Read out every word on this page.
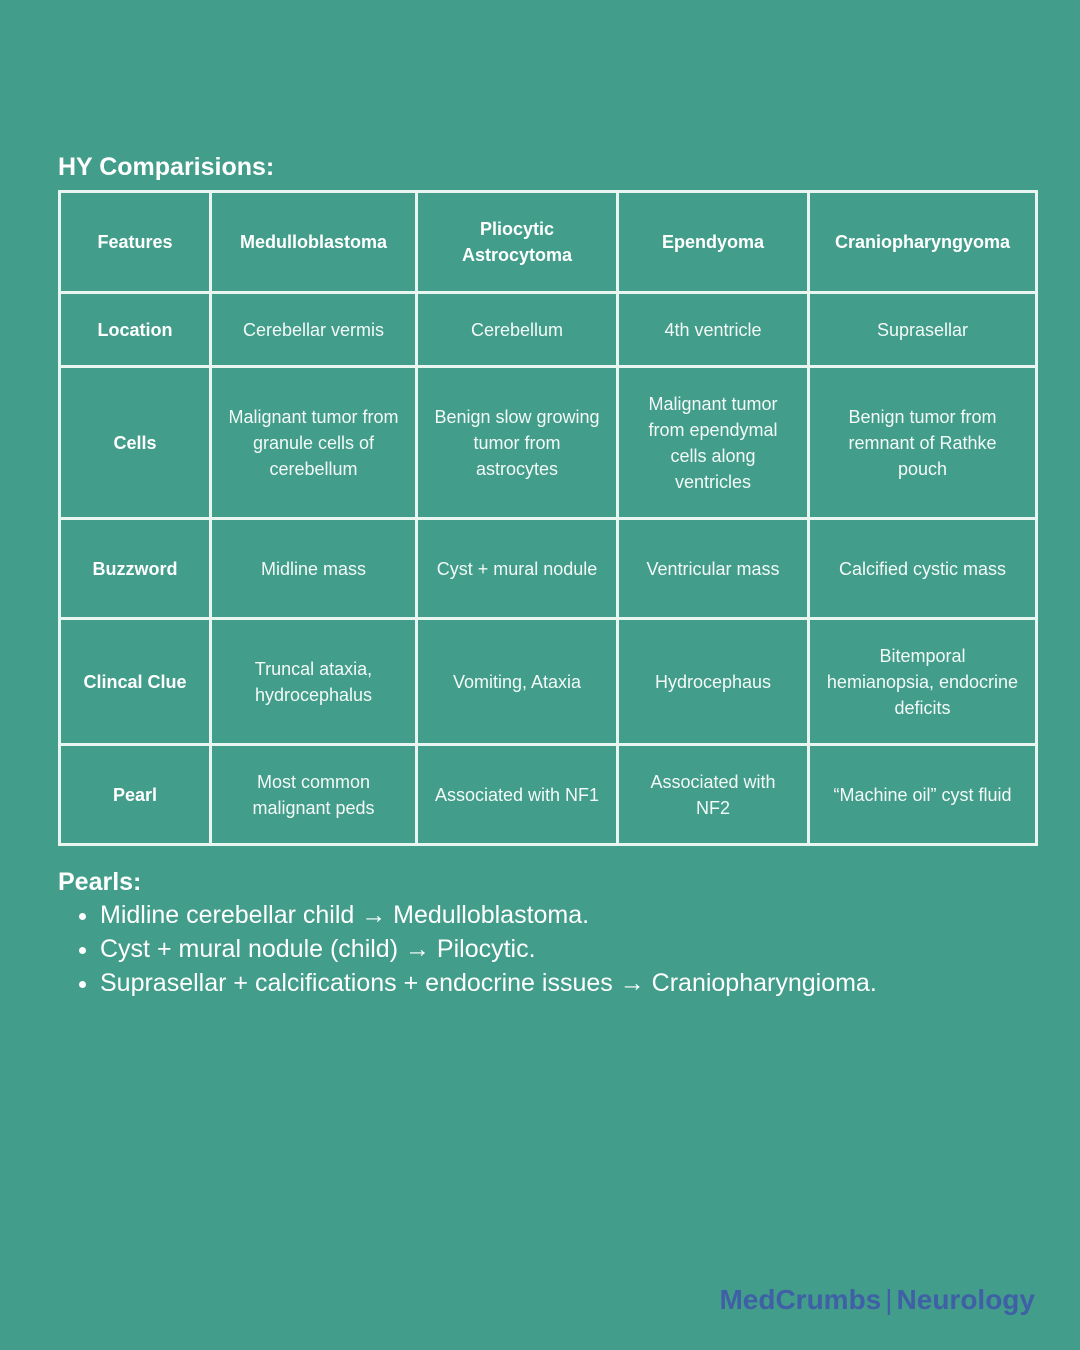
HY Comparisions:
Features	Medulloblastoma	Pliocytic Astrocytoma	Ependyoma	Craniopharyngyoma
Location	Cerebellar vermis	Cerebellum	4th ventricle	Suprasellar
Cells	Malignant tumor from granule cells of cerebellum	Benign slow growing tumor from astrocytes	Malignant tumor from ependymal cells along ventricles	Benign tumor from remnant of Rathke pouch
Buzzword	Midline mass	Cyst + mural nodule	Ventricular mass	Calcified cystic mass
Clincal Clue	Truncal ataxia, hydrocephalus	Vomiting, Ataxia	Hydrocephaus	Bitemporal hemianopsia, endocrine deficits
Pearl	Most common malignant peds	Associated with NF1	Associated with NF2	“Machine oil” cyst fluid
Pearls:
• Midline cerebellar child → Medulloblastoma.
• Cyst + mural nodule (child) → Pilocytic.
• Suprasellar + calcifications + endocrine issues → Craniopharyngioma.
MedCrumbs | Neurology
